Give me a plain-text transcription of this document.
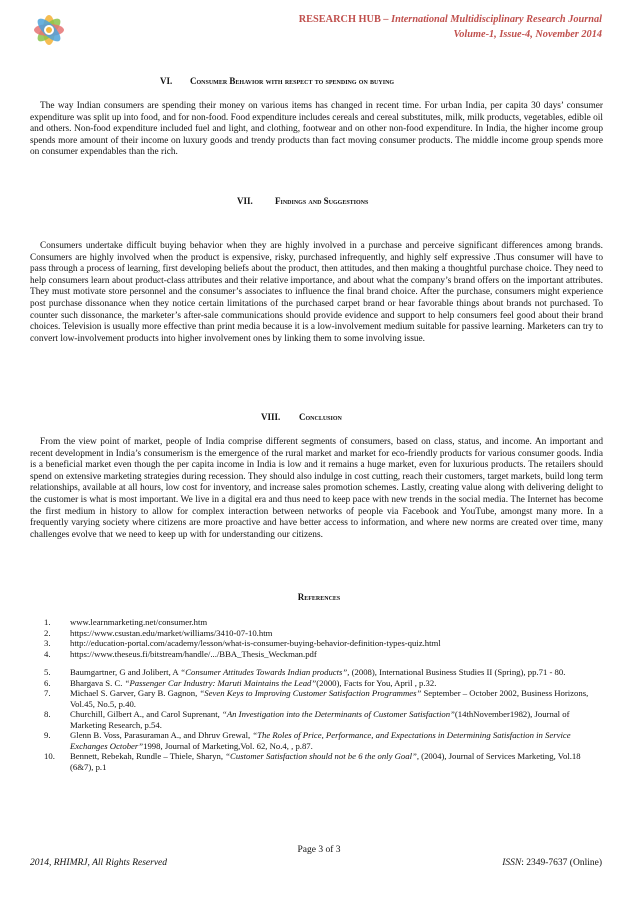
RESEARCH HUB – International Multidisciplinary Research Journal
Volume-1, Issue-4, November 2014
VI. Consumer Behavior with respect to spending on buying

The way Indian consumers are spending their money on various items has changed in recent time. For urban India, per capita 30 days’ consumer expenditure was split up into food, and for non-food. Food expenditure includes cereals and cereal substitutes, milk, milk products, vegetables, edible oil and others. Non-food expenditure included fuel and light, and clothing, footwear and on other non-food expenditure. In India, the higher income group spends more amount of their income on luxury goods and trendy products than fact moving consumer products. The middle income group spends more on consumer expendables than the rich.

VII. Findings and Suggestions

Consumers undertake difficult buying behavior when they are highly involved in a purchase and perceive significant differences among brands. Consumers are highly involved when the product is expensive, risky, purchased infrequently, and highly self expressive .Thus consumer will have to pass through a process of learning, first developing beliefs about the product, then attitudes, and then making a thoughtful purchase choice. They need to help consumers learn about product-class attributes and their relative importance, and about what the company’s brand offers on the important attributes. They must motivate store personnel and the consumer’s associates to influence the final brand choice. After the purchase, consumers might experience post purchase dissonance when they notice certain limitations of the purchased carpet brand or hear favorable things about brands not purchased. To counter such dissonance, the marketer’s after-sale communications should provide evidence and support to help consumers feel good about their brand choices. Television is usually more effective than print media because it is a low-involvement medium suitable for passive learning. Marketers can try to convert low-involvement products into higher involvement ones by linking them to some involving issue.

VIII. Conclusion

From the view point of market, people of India comprise different segments of consumers, based on class, status, and income. An important and recent development in India’s consumerism is the emergence of the rural market and market for eco-friendly products for various consumer goods. India is a beneficial market even though the per capita income in India is low and it remains a huge market, even for luxurious products. The retailers should spend on extensive marketing strategies during recession. They should also indulge in cost cutting, reach their customers, target markets, build long term relationships, available at all hours, low cost for inventory, and increase sales promotion schemes. Lastly, creating value along with delivering delight to the customer is what is most important. We live in a digital era and thus need to keep pace with new trends in the social media. The Internet has become the first medium in history to allow for complex interaction between networks of people via Facebook and YouTube, amongst many more. In a frequently varying society where citizens are more proactive and have better access to information, and where new norms are created over time, many challenges evolve that we need to keep up with for understanding our citizens.

References
1. www.learnmarketing.net/consumer.htm
2. https://www.csustan.edu/market/williams/3410-07-10.htm
3. http://education-portal.com/academy/lesson/what-is-consumer-buying-behavior-definition-types-quiz.html
4. https://www.theseus.fi/bitstream/handle/.../BBA_Thesis_Weckman.pdf
5. Baumgartner, G and Jolibert, A “Consumer Attitudes Towards Indian products”, (2008), International Business Studies II (Spring), pp.71 - 80.
6. Bhargava S. C. “Passenger Car Industry: Maruti Maintains the Lead”(2000), Facts for You, April , p.32.
7. Michael S. Garver, Gary B. Gagnon, “Seven Keys to Improving Customer Satisfaction Programmes” September – October 2002, Business Horizons, Vol.45, No.5, p.40.
8. Churchill, Gilbert A., and Carol Suprenant, “An Investigation into the Determinants of Customer Satisfaction”(14thNovember1982), Journal of Marketing Research, p.54.
9. Glenn B. Voss, Parasuraman A., and Dhruv Grewal, “The Roles of Price, Performance, and Expectations in Determining Satisfaction in Service Exchanges October”1998, Journal of Marketing,Vol. 62, No.4, , p.87.
10. Bennett, Rebekah, Rundle – Thiele, Sharyn, “Customer Satisfaction should not be 6 the only Goal”, (2004), Journal of Services Marketing, Vol.18 (6&7), p.1
Page 3 of 3
2014, RHIMRJ, All Rights Reserved	ISSN: 2349-7637 (Online)
